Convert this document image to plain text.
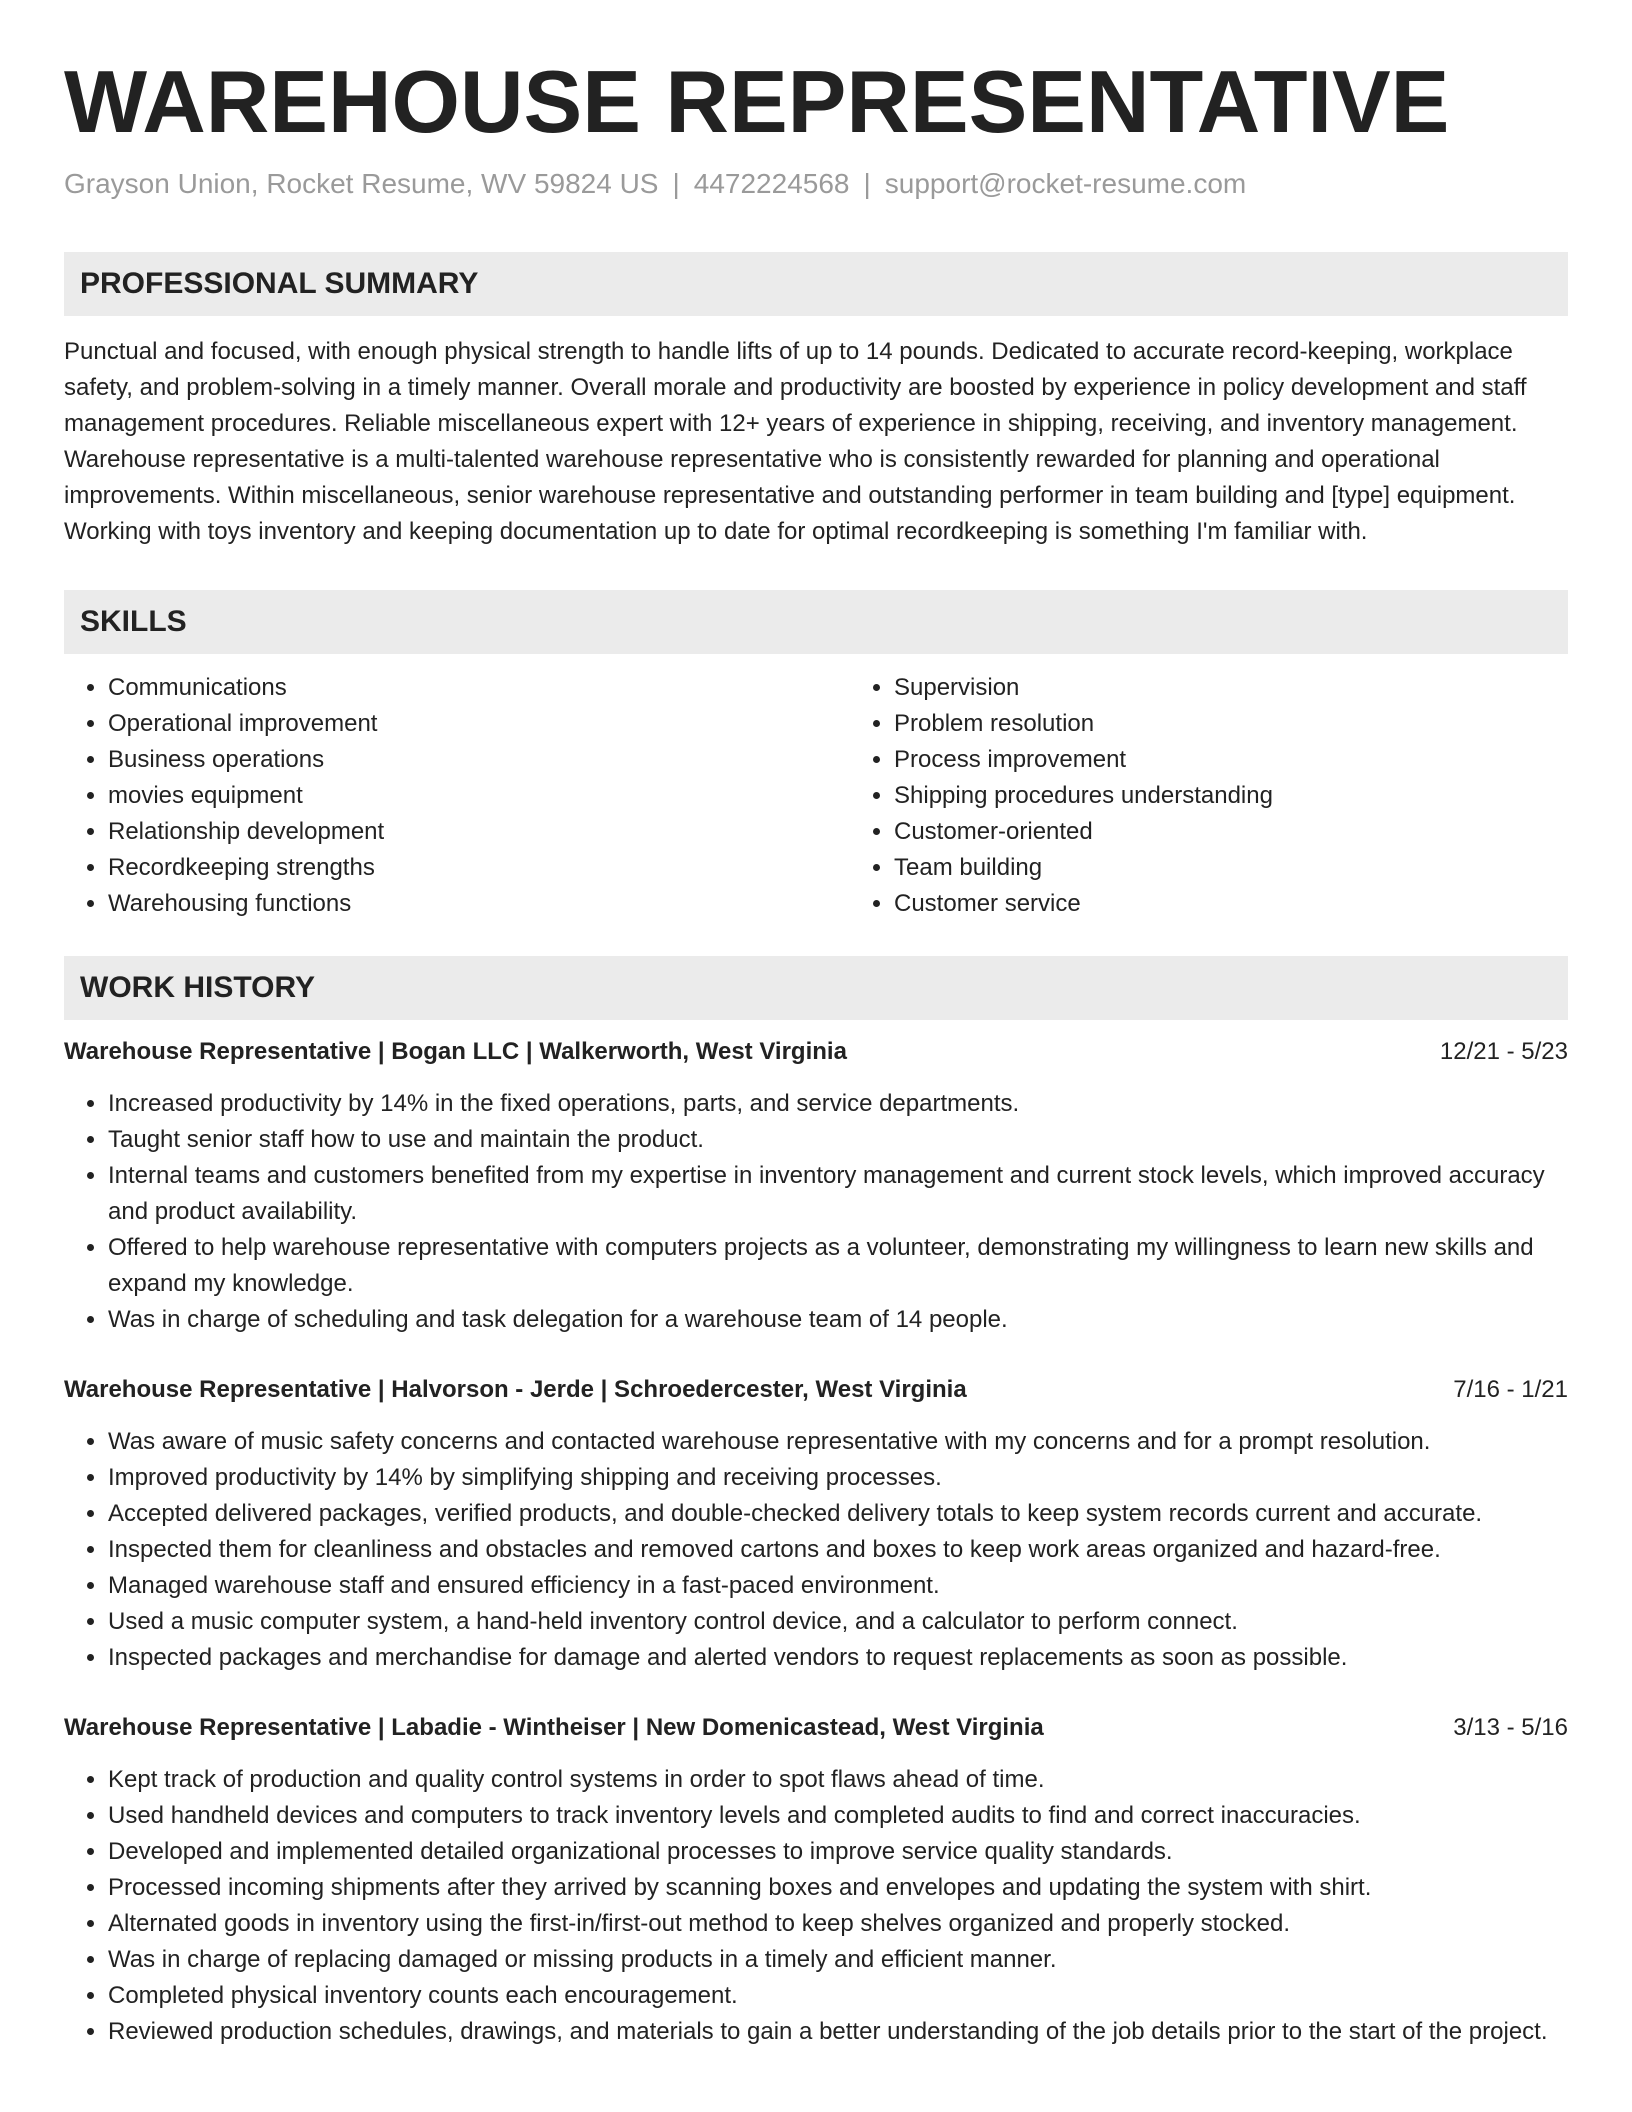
WAREHOUSE REPRESENTATIVE
Grayson Union, Rocket Resume, WV 59824 US | 4472224568 | support@rocket-resume.com
PROFESSIONAL SUMMARY

Punctual and focused, with enough physical strength to handle lifts of up to 14 pounds. Dedicated to accurate record-keeping, workplace safety, and problem-solving in a timely manner. Overall morale and productivity are boosted by experience in policy development and staff management procedures. Reliable miscellaneous expert with 12+ years of experience in shipping, receiving, and inventory management. Warehouse representative is a multi-talented warehouse representative who is consistently rewarded for planning and operational improvements. Within miscellaneous, senior warehouse representative and outstanding performer in team building and [type] equipment. Working with toys inventory and keeping documentation up to date for optimal recordkeeping is something I'm familiar with.

SKILLS
• Communications
• Operational improvement
• Business operations
• movies equipment
• Relationship development
• Recordkeeping strengths
• Warehousing functions
• Supervision
• Problem resolution
• Process improvement
• Shipping procedures understanding
• Customer-oriented
• Team building
• Customer service
WORK HISTORY
Warehouse Representative | Bogan LLC | Walkerworth, West Virginia	12/21 - 5/23
• Increased productivity by 14% in the fixed operations, parts, and service departments.
• Taught senior staff how to use and maintain the product.
• Internal teams and customers benefited from my expertise in inventory management and current stock levels, which improved accuracy and product availability.
• Offered to help warehouse representative with computers projects as a volunteer, demonstrating my willingness to learn new skills and expand my knowledge.
• Was in charge of scheduling and task delegation for a warehouse team of 14 people.
Warehouse Representative | Halvorson - Jerde | Schroedercester, West Virginia	7/16 - 1/21
• Was aware of music safety concerns and contacted warehouse representative with my concerns and for a prompt resolution.
• Improved productivity by 14% by simplifying shipping and receiving processes.
• Accepted delivered packages, verified products, and double-checked delivery totals to keep system records current and accurate.
• Inspected them for cleanliness and obstacles and removed cartons and boxes to keep work areas organized and hazard-free.
• Managed warehouse staff and ensured efficiency in a fast-paced environment.
• Used a music computer system, a hand-held inventory control device, and a calculator to perform connect.
• Inspected packages and merchandise for damage and alerted vendors to request replacements as soon as possible.
Warehouse Representative | Labadie - Wintheiser | New Domenicastead, West Virginia	3/13 - 5/16
• Kept track of production and quality control systems in order to spot flaws ahead of time.
• Used handheld devices and computers to track inventory levels and completed audits to find and correct inaccuracies.
• Developed and implemented detailed organizational processes to improve service quality standards.
• Processed incoming shipments after they arrived by scanning boxes and envelopes and updating the system with shirt.
• Alternated goods in inventory using the first-in/first-out method to keep shelves organized and properly stocked.
• Was in charge of replacing damaged or missing products in a timely and efficient manner.
• Completed physical inventory counts each encouragement.
• Reviewed production schedules, drawings, and materials to gain a better understanding of the job details prior to the start of the project.
